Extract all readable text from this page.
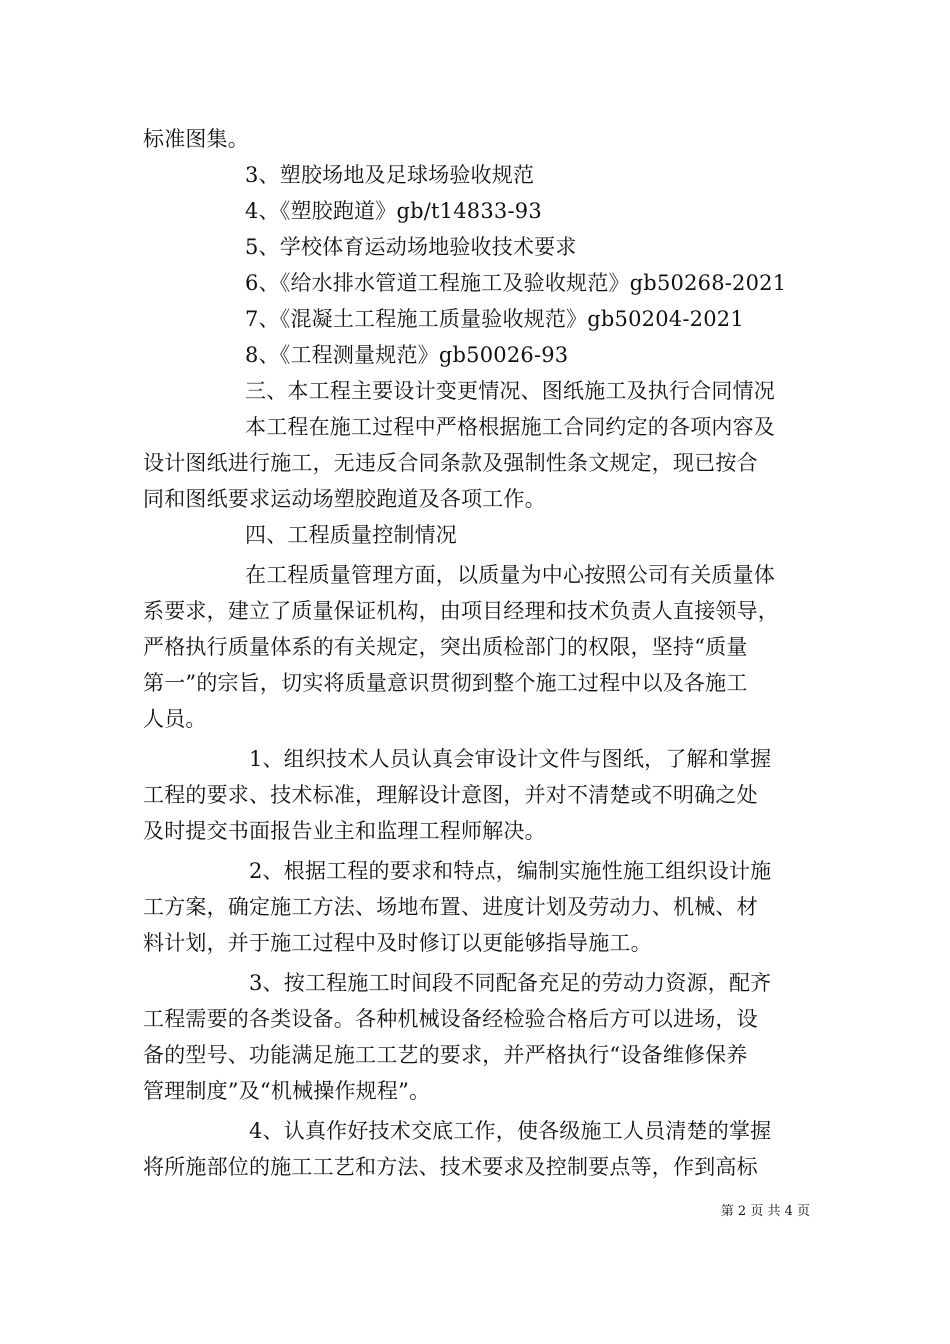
标准图集。
3、塑胶场地及足球场验收规范
4、《塑胶跑道》gb/t14833-93
5、学校体育运动场地验收技术要求
6、《给水排水管道工程施工及验收规范》gb50268-2021
7、《混凝土工程施工质量验收规范》gb50204-2021
8、《工程测量规范》gb50026-93
三、本工程主要设计变更情况、图纸施工及执行合同情况
本工程在施工过程中严格根据施工合同约定的各项内容及
设计图纸进行施工，无违反合同条款及强制性条文规定，现已按合
同和图纸要求运动场塑胶跑道及各项工作。
四、工程质量控制情况
在工程质量管理方面，以质量为中心按照公司有关质量体
系要求，建立了质量保证机构，由项目经理和技术负责人直接领导，
严格执行质量体系的有关规定，突出质检部门的权限，坚持“质量
第一”的宗旨，切实将质量意识贯彻到整个施工过程中以及各施工
人员。
1、组织技术人员认真会审设计文件与图纸，了解和掌握
工程的要求、技术标准，理解设计意图，并对不清楚或不明确之处
及时提交书面报告业主和监理工程师解决。
2、根据工程的要求和特点，编制实施性施工组织设计施
工方案，确定施工方法、场地布置、进度计划及劳动力、机械、材
料计划，并于施工过程中及时修订以更能够指导施工。
3、按工程施工时间段不同配备充足的劳动力资源，配齐
工程需要的各类设备。各种机械设备经检验合格后方可以进场，设
备的型号、功能满足施工工艺的要求，并严格执行“设备维修保养
管理制度”及“机械操作规程”。
4、认真作好技术交底工作，使各级施工人员清楚的掌握
将所施部位的施工工艺和方法、技术要求及控制要点等，作到高标
第 2 页 共 4 页
